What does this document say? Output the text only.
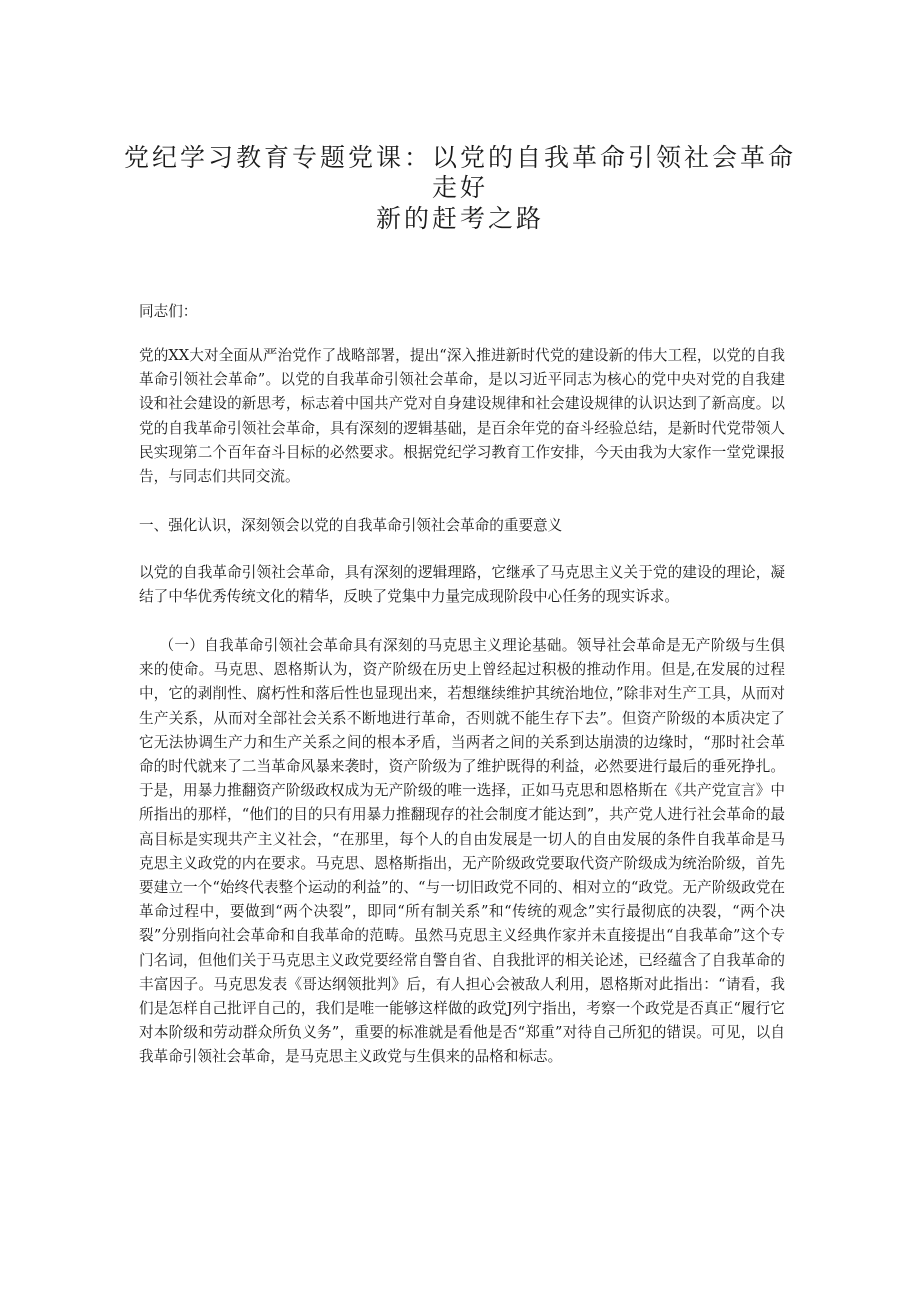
党纪学习教育专题党课：以党的自我革命引领社会革命走好
新的赶考之路

同志们：

党的XX大对全面从严治党作了战略部署，提出“深入推进新时代党的建设新的伟大工程，以党的自我革命引领社会革命”。以党的自我革命引领社会革命，是以习近平同志为核心的党中央对党的自我建设和社会建设的新思考，标志着中国共产党对自身建设规律和社会建设规律的认识达到了新高度。以党的自我革命引领社会革命，具有深刻的逻辑基础，是百余年党的奋斗经验总结，是新时代党带领人民实现第二个百年奋斗目标的必然要求。根据党纪学习教育工作安排，今天由我为大家作一堂党课报告，与同志们共同交流。

一、强化认识，深刻领会以党的自我革命引领社会革命的重要意义

以党的自我革命引领社会革命，具有深刻的逻辑理路，它继承了马克思主义关于党的建设的理论，凝结了中华优秀传统文化的精华，反映了党集中力量完成现阶段中心任务的现实诉求。

（一）自我革命引领社会革命具有深刻的马克思主义理论基础。领导社会革命是无产阶级与生俱来的使命。马克思、恩格斯认为，资产阶级在历史上曾经起过积极的推动作用。但是,在发展的过程中，它的剥削性、腐朽性和落后性也显现出来，若想继续维护其统治地位，”除非对生产工具，从而对生产关系，从而对全部社会关系不断地进行革命，否则就不能生存下去”。但资产阶级的本质决定了它无法协调生产力和生产关系之间的根本矛盾，当两者之间的关系到达崩溃的边缘时，“那时社会革命的时代就来了二当革命风暴来袭时，资产阶级为了维护既得的利益，必然要进行最后的垂死挣扎。于是，用暴力推翻资产阶级政权成为无产阶级的唯一选择，正如马克思和恩格斯在《共产党宣言》中所指出的那样，“他们的目的只有用暴力推翻现存的社会制度才能达到”，共产党人进行社会革命的最高目标是实现共产主义社会，“在那里，每个人的自由发展是一切人的自由发展的条件自我革命是马克思主义政党的内在要求。马克思、恩格斯指出，无产阶级政党要取代资产阶级成为统治阶级，首先要建立一个“始终代表整个运动的利益”的、“与一切旧政党不同的、相对立的“政党。无产阶级政党在革命过程中，要做到“两个决裂”，即同“所有制关系”和“传统的观念”实行最彻底的决裂，“两个决裂”分别指向社会革命和自我革命的范畴。虽然马克思主义经典作家并未直接提出“自我革命”这个专门名词，但他们关于马克思主义政党要经常自警自省、自我批评的相关论述，已经蕴含了自我革命的丰富因子。马克思发表《哥达纲领批判》后，有人担心会被敌人利用，恩格斯对此指出：“请看，我们是怎样自己批评自己的，我们是唯一能够这样做的政党J列宁指出，考察一个政党是否真正“履行它对本阶级和劳动群众所负义务”，重要的标准就是看他是否“郑重”对待自己所犯的错误。可见，以自我革命引领社会革命，是马克思主义政党与生俱来的品格和标志。
